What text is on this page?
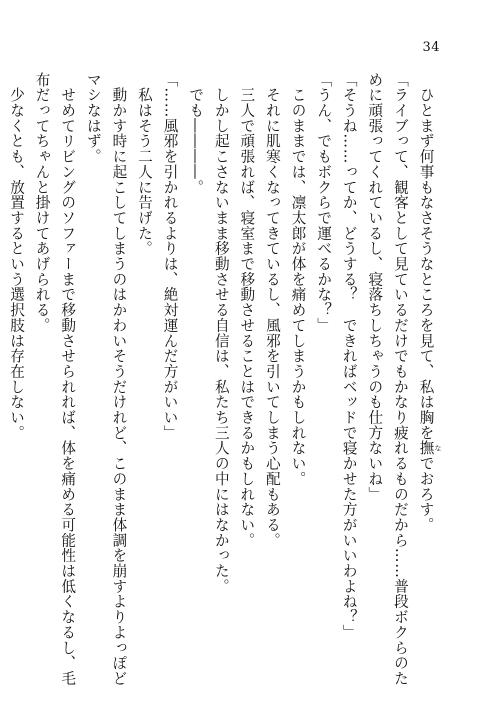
34
　ひとまず何事もなさそうなところを見て、私は胸を撫 なでおろす。
「ライブって、観客として見ているだけでもかなり疲れるものだから……普段ボクらのた
めに頑張ってくれているし、寝落ちしちゃうのも仕方ないね」
「そうね……ってか、どうする？　できればベッドで寝かせた方がいいわよね？」
「うん、でもボクらで運べるかな？」
　このままでは、凛太郎が体を痛めてしまうかもしれない。
　それに肌寒くなってきているし、風邪を引いてしまう心配もある。
　三人で頑張れば、寝室まで移動させることはできるかもしれない。
　しかし起こさないまま移動させる自信は、私たち三人の中にはなかった。
　でも――――。
「……風邪を引かれるよりは、絶対運んだ方がいい」
　私はそう二人に告げた。
　動かす時に起こしてしまうのはかわいそうだけれど、このまま体調を崩すよりよっぽど
マシなはず。
　せめてリビングのソファーまで移動させられれば、体を痛める可能性は低くなるし、毛
布だってちゃんと掛けてあげられる。
　少なくとも、放置するという選択肢は存在しない。
